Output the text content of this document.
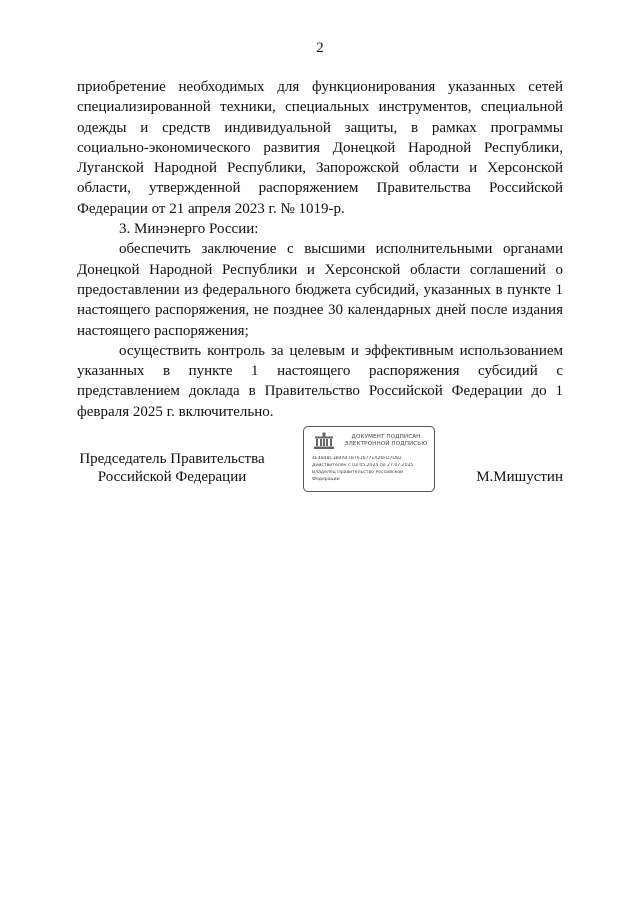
2

приобретение необходимых для функционирования указанных сетей специализированной техники, специальных инструментов, специальной одежды и средств индивидуальной защиты, в рамках программы социально-экономического развития Донецкой Народной Республики, Луганской Народной Республики, Запорожской области и Херсонской области, утвержденной распоряжением Правительства Российской Федерации от 21 апреля 2023 г. № 1019-р.

3. Минэнерго России:

обеспечить заключение с высшими исполнительными органами Донецкой Народной Республики и Херсонской области соглашений о предоставлении из федерального бюджета субсидий, указанных в пункте 1 настоящего распоряжения, не позднее 30 календарных дней после издания настоящего распоряжения;

осуществить контроль за целевым и эффективным использованием указанных в пункте 1 настоящего распоряжения субсидий с представлением доклада в Правительство Российской Федерации до 1 февраля 2025 г. включительно.

Председатель Правительства
Российской Федерации
ДОКУМЕНТ ПОДПИСАН
ЭЛЕКТРОННОЙ ПОДПИСЬЮ
4E4848C3B4A47B7616771A26FD7D82
Действителен с 03.05.2024 по 27.07.2025
Владелец Правительство Российской
Федерации	М.Мишустин
